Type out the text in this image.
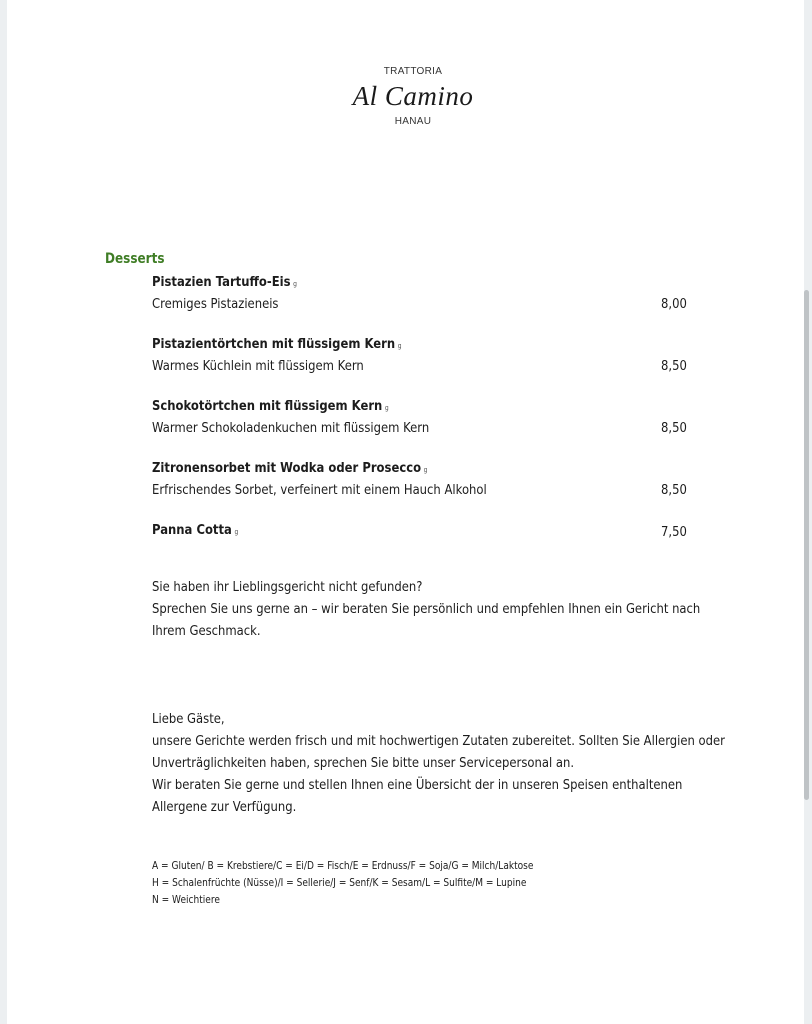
TRATTORIA
Al Camino
HANAU
Desserts
Pistazien Tartuffo-Eis g
Cremiges Pistazieneis	8,00
Pistazientörtchen mit flüssigem Kern g
Warmes Küchlein mit flüssigem Kern	8,50
Schokotörtchen mit flüssigem Kern g
Warmer Schokoladenkuchen mit flüssigem Kern	8,50
Zitronensorbet mit Wodka oder Prosecco g
Erfrischendes Sorbet, verfeinert mit einem Hauch Alkohol	8,50
Panna Cotta g	7,50
Sie haben ihr Lieblingsgericht nicht gefunden?
Sprechen Sie uns gerne an – wir beraten Sie persönlich und empfehlen Ihnen ein Gericht nach
Ihrem Geschmack.
Liebe Gäste,
unsere Gerichte werden frisch und mit hochwertigen Zutaten zubereitet. Sollten Sie Allergien oder
Unverträglichkeiten haben, sprechen Sie bitte unser Servicepersonal an.
Wir beraten Sie gerne und stellen Ihnen eine Übersicht der in unseren Speisen enthaltenen
Allergene zur Verfügung.
A = Gluten/ B = Krebstiere/C = Ei/D = Fisch/E = Erdnuss/F = Soja/G = Milch/Laktose
H = Schalenfrüchte (Nüsse)/I = Sellerie/J = Senf/K = Sesam/L = Sulfite/M = Lupine
N = Weichtiere
